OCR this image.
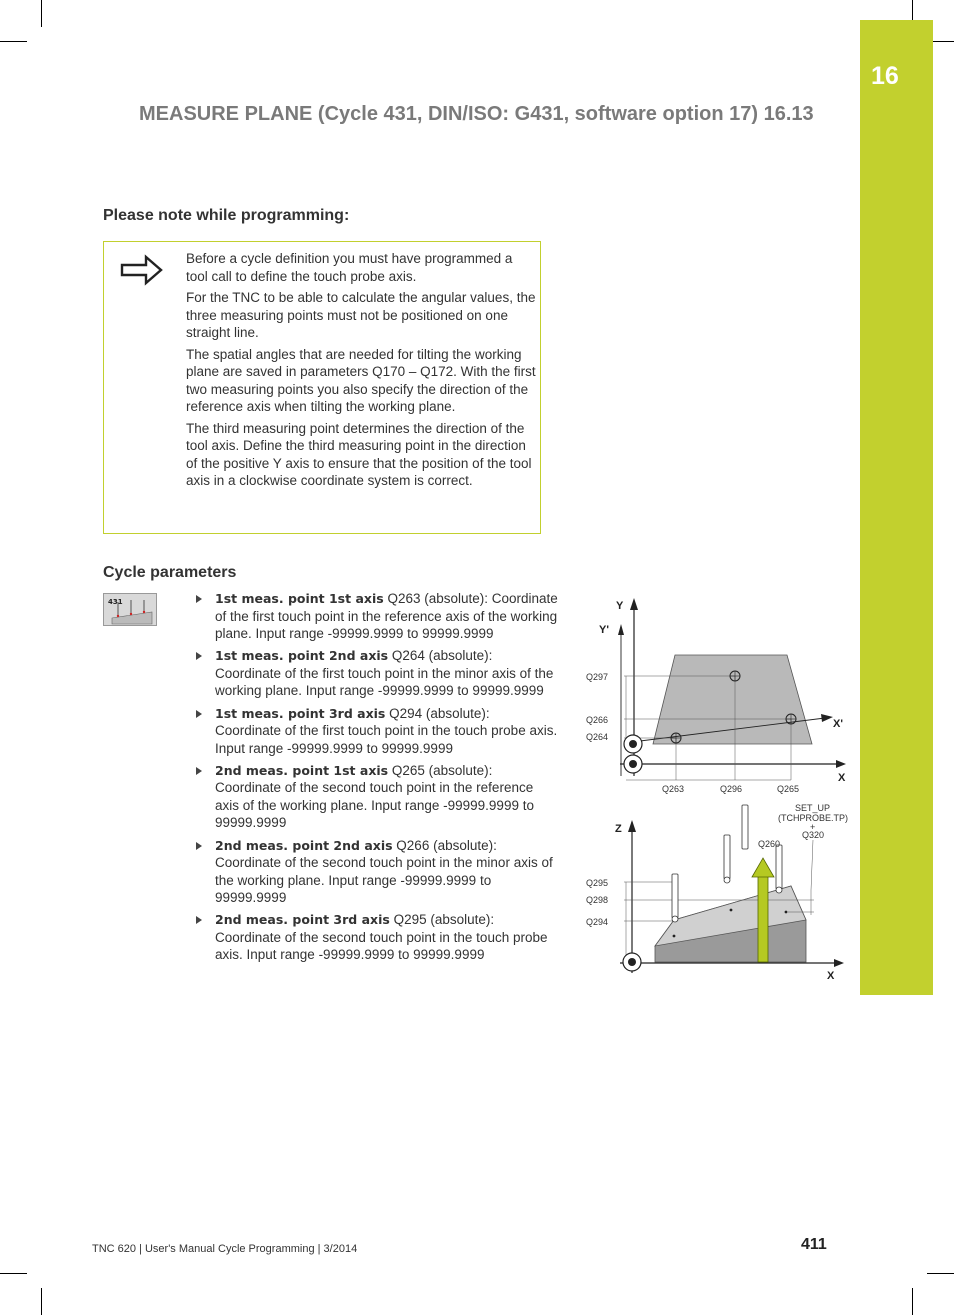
16
MEASURE PLANE (Cycle 431, DIN/ISO: G431, software option 17) 16.13
Please note while programming:

Before a cycle definition you must have programmed a tool call to define the touch probe axis.

For the TNC to be able to calculate the angular values, the three measuring points must not be positioned on one straight line.

The spatial angles that are needed for tilting the working plane are saved in parameters Q170 – Q172. With the first two measuring points you also specify the direction of the reference axis when tilting the working plane.

The third measuring point determines the direction of the tool axis. Define the third measuring point in the direction of the positive Y axis to ensure that the position of the tool axis in a clockwise coordinate system is correct.

Cycle parameters
431	1st meas. point 1st axis Q263 (absolute): Coordinate of the first touch point in the reference axis of the working plane. Input range -99999.9999 to 99999.9999
1st meas. point 2nd axis Q264 (absolute): Coordinate of the first touch point in the minor axis of the working plane. Input range -99999.9999 to 99999.9999
1st meas. point 3rd axis Q294 (absolute): Coordinate of the first touch point in the touch probe axis. Input range -99999.9999 to 99999.9999
2nd meas. point 1st axis Q265 (absolute): Coordinate of the second touch point in the reference axis of the working plane. Input range -99999.9999 to 99999.9999
2nd meas. point 2nd axis Q266 (absolute): Coordinate of the second touch point in the minor axis of the working plane. Input range -99999.9999 to 99999.9999
2nd meas. point 3rd axis Q295 (absolute): Coordinate of the second touch point in the touch probe axis. Input range -99999.9999 to 99999.9999
Y
Y'
X
X'
Q297
Q266
Q264
Q263	Q296	Q265
Z
X
SET_UP
(TCHPROBE.TP)
+
Q320
Q260
Q295
Q298
Q294
TNC 620 | User's Manual Cycle Programming | 3/2014	411
